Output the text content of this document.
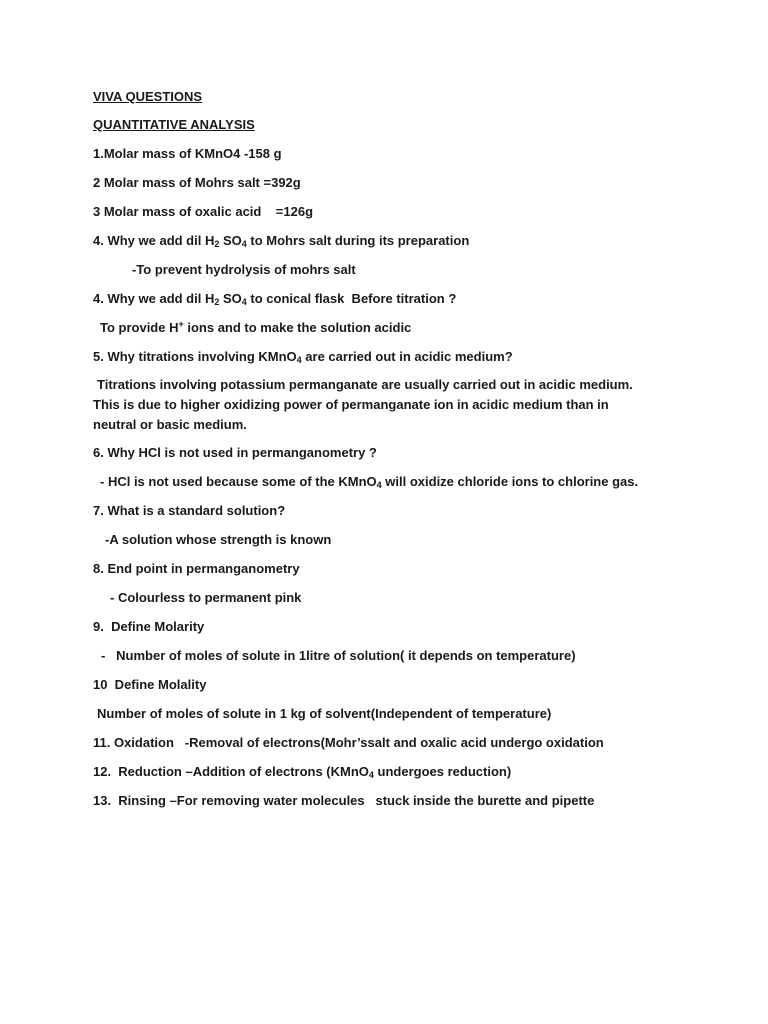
VIVA QUESTIONS
QUANTITATIVE ANALYSIS
1.Molar mass of KMnO4 -158 g
2 Molar mass of Mohrs salt =392g
3 Molar mass of oxalic acid    =126g
4. Why we add dil $H_2$ $SO_4$ to Mohrs salt during its preparation
-To prevent hydrolysis of mohrs salt
4. Why we add dil $H_2$ $SO_4$ to conical flask  Before titration ?
To provide H+ ions and to make the solution acidic
5. Why titrations involving KMnO$_4$ are carried out in acidic medium?
Titrations involving potassium permanganate are usually carried out in acidic medium.
This is due to higher oxidizing power of permanganate ion in acidic medium than in
neutral or basic medium.
6. Why HCl is not used in permanganometry ?
- HCl is not used because some of the KMnO$_4$ will oxidize chloride ions to chlorine gas.
7. What is a standard solution?
-A solution whose strength is known
8. End point in permanganometry
- Colourless to permanent pink
9.  Define Molarity
-   Number of moles of solute in 1litre of solution( it depends on temperature)
10  Define Molality
Number of moles of solute in 1 kg of solvent(Independent of temperature)
11. Oxidation   -Removal of electrons(Mohr’ssalt and oxalic acid undergo oxidation
12.  Reduction –Addition of electrons (KMnO$_4$ undergoes reduction)
13.  Rinsing –For removing water molecules   stuck inside the burette and pipette
